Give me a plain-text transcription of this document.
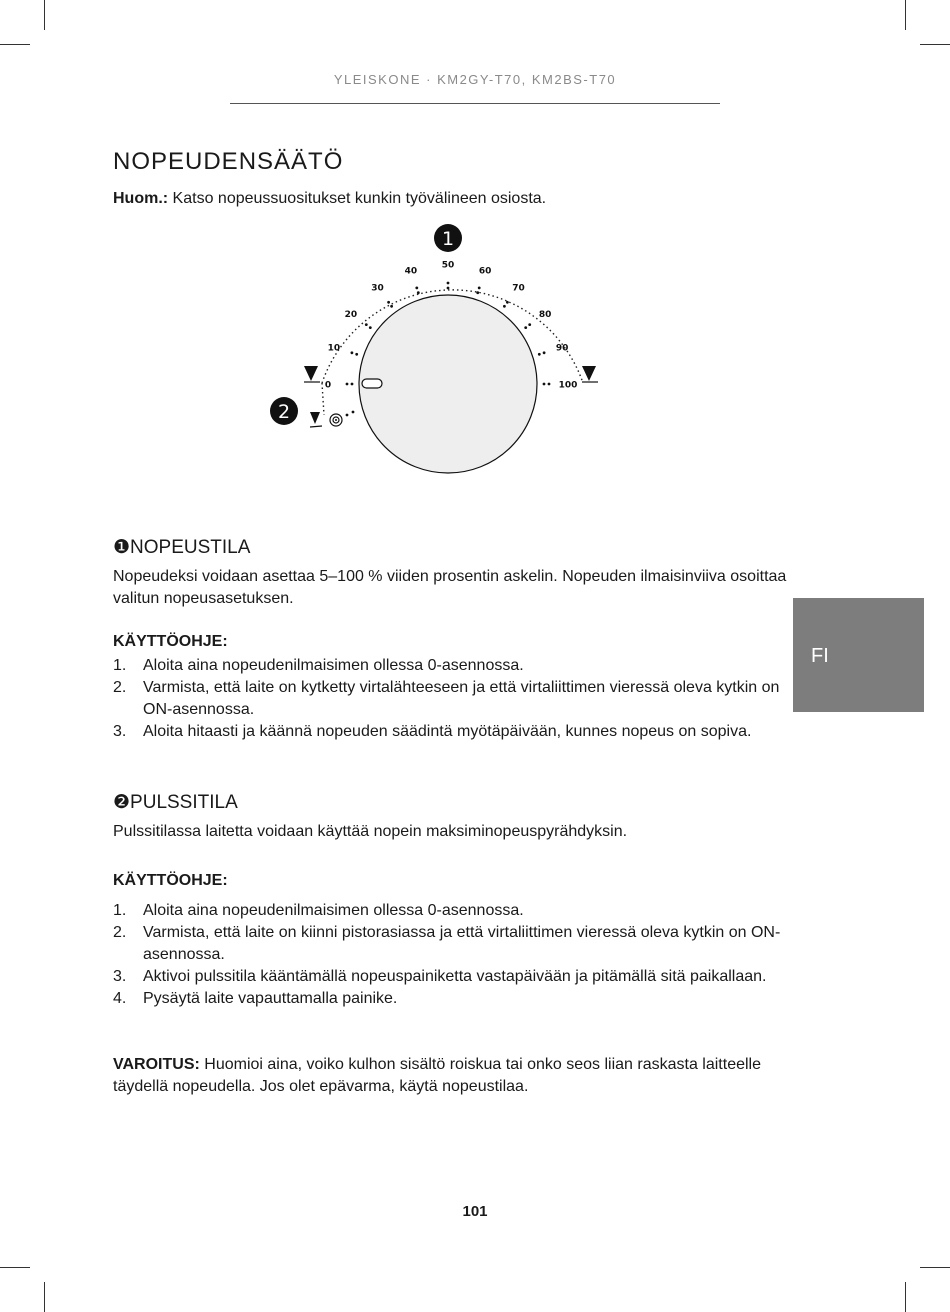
YLEISKONE · KM2GY-T70, KM2BS-T70
NOPEUDENSÄÄTÖ
Huom.: Katso nopeussuositukset kunkin työvälineen osiosta.
0
10
20
30
40
50
60
70
80
90
100
1
2
❶NOPEUSTILA

Nopeudeksi voidaan asettaa 5–100 % viiden prosentin askelin. Nopeuden ilmaisinviiva osoittaa valitun nopeusasetuksen.

KÄYTTÖOHJE:

1. Aloita aina nopeudenilmaisimen ollessa 0-asennossa.
2. Varmista, että laite on kytketty virtalähteeseen ja että virtaliittimen vieressä oleva kytkin on ON-asennossa.
3. Aloita hitaasti ja käännä nopeuden säädintä myötäpäivään, kunnes nopeus on sopiva.
❷PULSSITILA

Pulssitilassa laitetta voidaan käyttää nopein maksiminopeuspyrähdyksin.

KÄYTTÖOHJE:

1. Aloita aina nopeudenilmaisimen ollessa 0-asennossa.
2. Varmista, että laite on kiinni pistorasiassa ja että virtaliittimen vieressä oleva kytkin on ON-asennossa.
3. Aktivoi pulssitila kääntämällä nopeuspainiketta vastapäivään ja pitämällä sitä paikallaan.
4. Pysäytä laite vapauttamalla painike.

VAROITUS: Huomioi aina, voiko kulhon sisältö roiskua tai onko seos liian raskasta laitteelle täydellä nopeudella. Jos olet epävarma, käytä nopeustilaa.

101
FI
